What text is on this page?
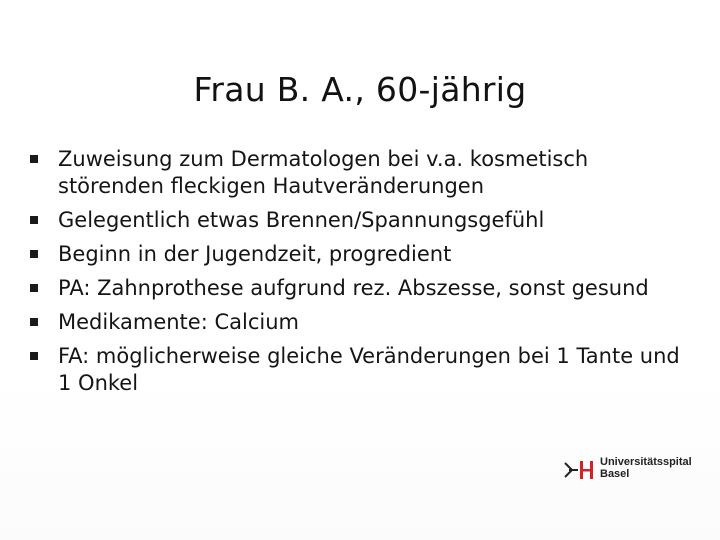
Frau B. A., 60-jährig
Zuweisung zum Dermatologen bei v.a. kosmetisch störenden fleckigen Hautveränderungen
Gelegentlich etwas Brennen/Spannungsgefühl
Beginn in der Jugendzeit, progredient
PA: Zahnprothese aufgrund rez. Abszesse, sonst gesund
Medikamente: Calcium
FA: möglicherweise gleiche Veränderungen bei 1 Tante und 1 Onkel
Universitätsspital
Basel
